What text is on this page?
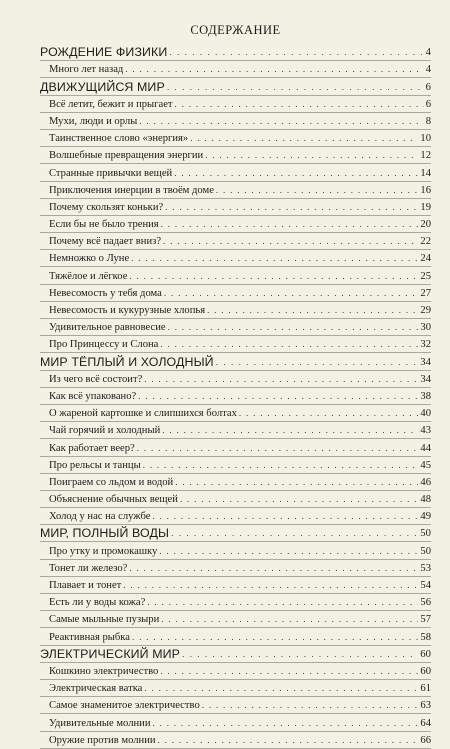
СОДЕРЖАНИЕ
РОЖДЕНИЕ ФИЗИКИ . . .	4
Много лет назад . . .	4
ДВИЖУЩИЙСЯ МИР . . .	6
Всё летит, бежит и прыгает . . .	6
Мухи, люди и орлы . . .	8
Таинственное слово «энергия» . . .	10
Волшебные превращения энергии . . .	12
Странные привычки вещей . . .	14
Приключения инерции в твоём доме . . .	16
Почему скользят коньки? . . .	19
Если бы не было трения . . .	20
Почему всё падает вниз? . . .	22
Немножко о Луне . . .	24
Тяжёлое и лёгкое . . .	25
Невесомость у тебя дома . . .	27
Невесомость и кукурузные хлопья . . .	29
Удивительное равновесие . . .	30
Про Принцессу и Слона . . .	32
МИР ТЁПЛЫЙ И ХОЛОДНЫЙ . . .	34
Из чего всё состоит? . . .	34
Как всё упаковано? . . .	38
О жареной картошке и слипшихся болтах . . .	40
Чай горячий и холодный . . .	43
Как работает веер? . . .	44
Про рельсы и танцы . . .	45
Поиграем со льдом и водой . . .	46
Объяснение обычных вещей . . .	48
Холод у нас на службе . . .	49
МИР, ПОЛНЫЙ ВОДЫ . . .	50
Про утку и промокашку . . .	50
Тонет ли железо? . . .	53
Плавает и тонет . . .	54
Есть ли у воды кожа? . . .	56
Самые мыльные пузыри . . .	57
Реактивная рыбка . . .	58
ЭЛЕКТРИЧЕСКИЙ МИР . . .	60
Кошкино электричество . . .	60
Электрическая ватка . . .	61
Самое знаменитое электричество . . .	63
Удивительные молнии . . .	64
Оружие против молнии . . .	66
